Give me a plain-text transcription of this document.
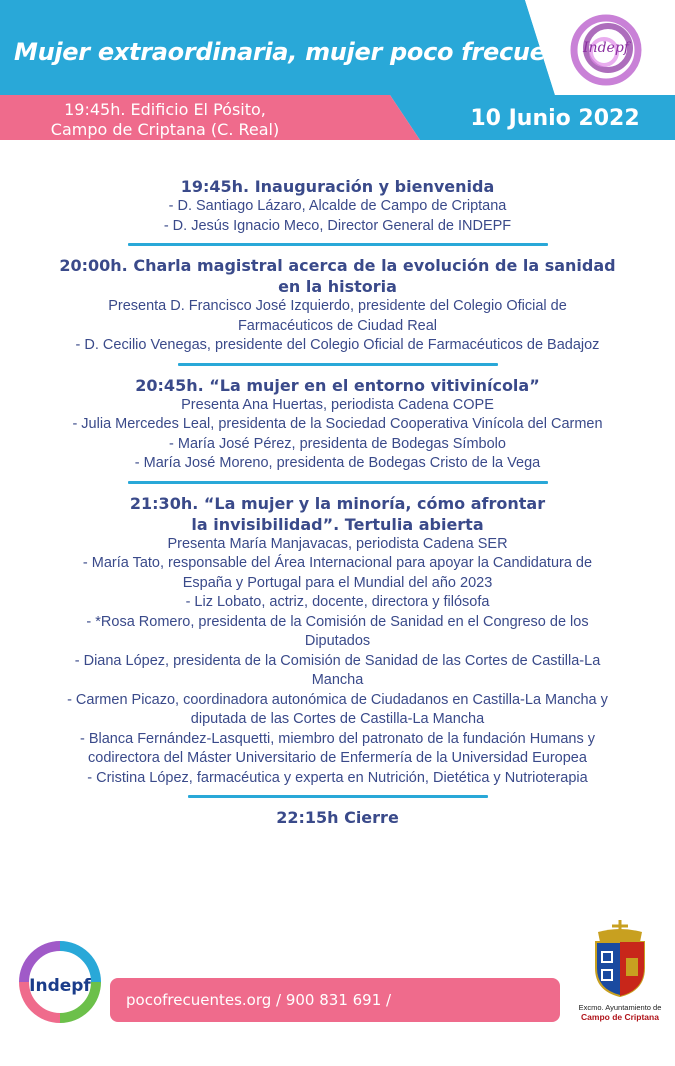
Mujer extraordinaria, mujer poco frecuente
19:45h. Edificio El Pósito,
Campo de Criptana (C. Real)	10 Junio 2022
Indepf
19:45h. Inauguración y bienvenida
- D. Santiago Lázaro, Alcalde de Campo de Criptana
- D. Jesús Ignacio Meco, Director General de INDEPF
20:00h. Charla magistral acerca de la evolución de la sanidad
en la historia
Presenta D. Francisco José Izquierdo, presidente del Colegio Oficial de
Farmacéuticos de Ciudad Real
- D. Cecilio Venegas, presidente del Colegio Oficial de Farmacéuticos de Badajoz
20:45h. “La mujer en el entorno vitivinícola”
Presenta Ana Huertas, periodista Cadena COPE
- Julia Mercedes Leal, presidenta de la Sociedad Cooperativa Vinícola del Carmen
- María José Pérez, presidenta de Bodegas Símbolo
- María José Moreno, presidenta de Bodegas Cristo de la Vega
21:30h. “La mujer y la minoría, cómo afrontar
la invisibilidad”. Tertulia abierta
Presenta María Manjavacas, periodista Cadena SER
- María Tato, responsable del Área Internacional para apoyar la Candidatura de
España y Portugal para el Mundial del año 2023
- Liz Lobato, actriz, docente, directora y filósofa
- *Rosa Romero, presidenta de la Comisión de Sanidad en el Congreso de los
Diputados
- Diana López, presidenta de la Comisión de Sanidad de las Cortes de Castilla-La
Mancha
- Carmen Picazo, coordinadora autonómica de Ciudadanos en Castilla-La Mancha y
diputada de las Cortes de Castilla-La Mancha
- Blanca Fernández-Lasquetti, miembro del patronato de la fundación Humans y
codirectora del Máster Universitario de Enfermería de la Universidad Europea
- Cristina López, farmacéutica y experta en Nutrición, Dietética y Nutrioterapia
22:15h Cierre
Indepf
pocofrecuentes.org / 900 831 691 / info@pocofrecuentes.org
Excmo. Ayuntamiento de
Campo de Criptana
